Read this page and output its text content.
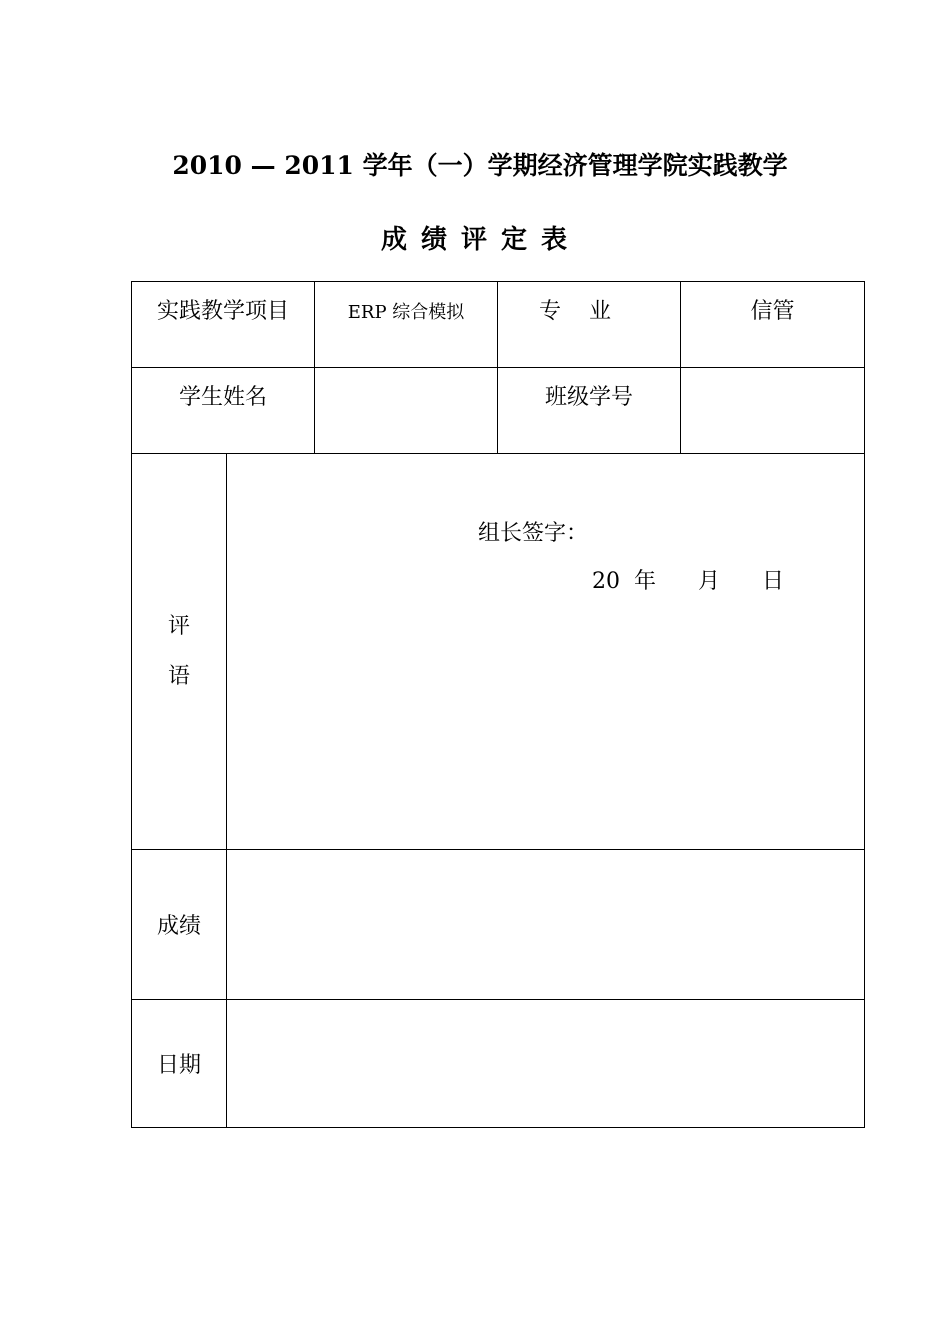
2010 — 2011 学年（一）学期经济管理学院实践教学
成绩评定表
实践教学项目		ERP 综合模拟	专业	信管
学生姓名			班级学号	

评
语	组长签字：
20 年 月 日			

成绩				
日期				
